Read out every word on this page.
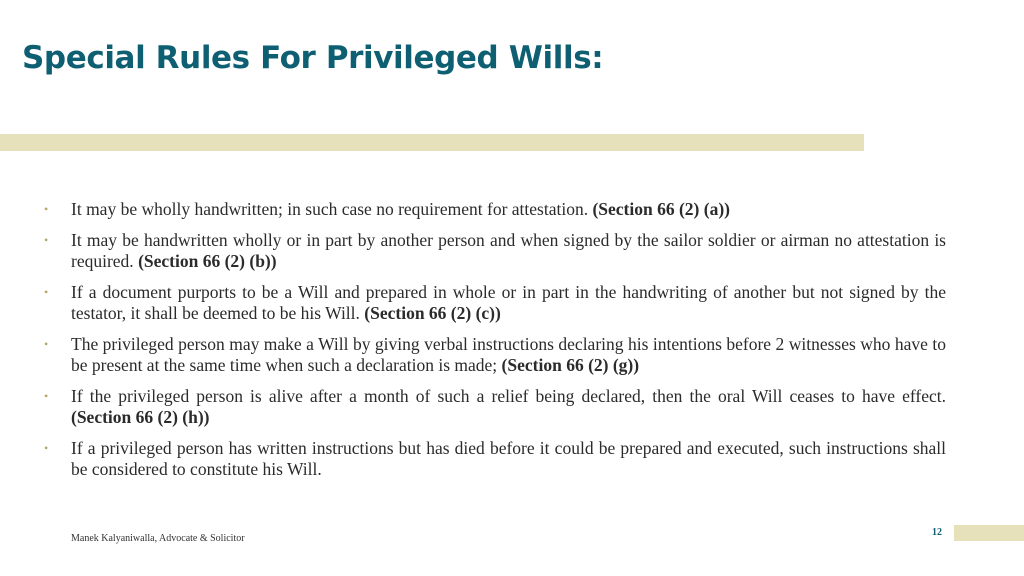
Special Rules For Privileged Wills:
• It may be wholly handwritten; in such case no requirement for attestation. (Section 66 (2) (a))
• It may be handwritten wholly or in part by another person and when signed by the sailor soldier or airman no attestation is required. (Section 66 (2) (b))
• If a document purports to be a Will and prepared in whole or in part in the handwriting of another but not signed by the testator, it shall be deemed to be his Will. (Section 66 (2) (c))
• The privileged person may make a Will by giving verbal instructions declaring his intentions before 2 witnesses who have to be present at the same time when such a declaration is made; (Section 66 (2) (g))
• If the privileged person is alive after a month of such a relief being declared, then the oral Will ceases to have effect. (Section 66 (2) (h))
• If a privileged person has written instructions but has died before it could be prepared and executed, such instructions shall be considered to constitute his Will.
Manek Kalyaniwalla, Advocate & Solicitor
12
